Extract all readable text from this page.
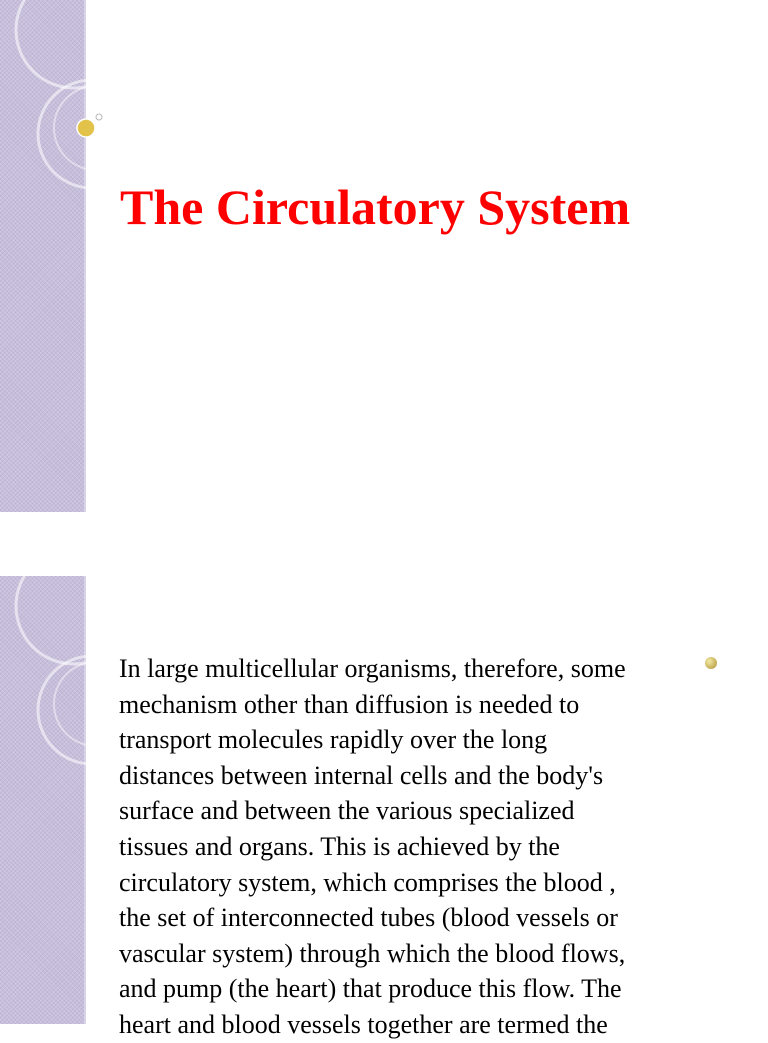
The Circulatory System

In large multicellular organisms, therefore, some
mechanism other than diffusion is needed to
transport molecules rapidly over the long
distances between internal cells and the body's
surface and between the various specialized
tissues and organs. This is achieved by the
circulatory system, which comprises the blood ,
the set of interconnected tubes (blood vessels or
vascular system) through which the blood flows,
and pump (the heart) that produce this flow. The
heart and blood vessels together are termed the
